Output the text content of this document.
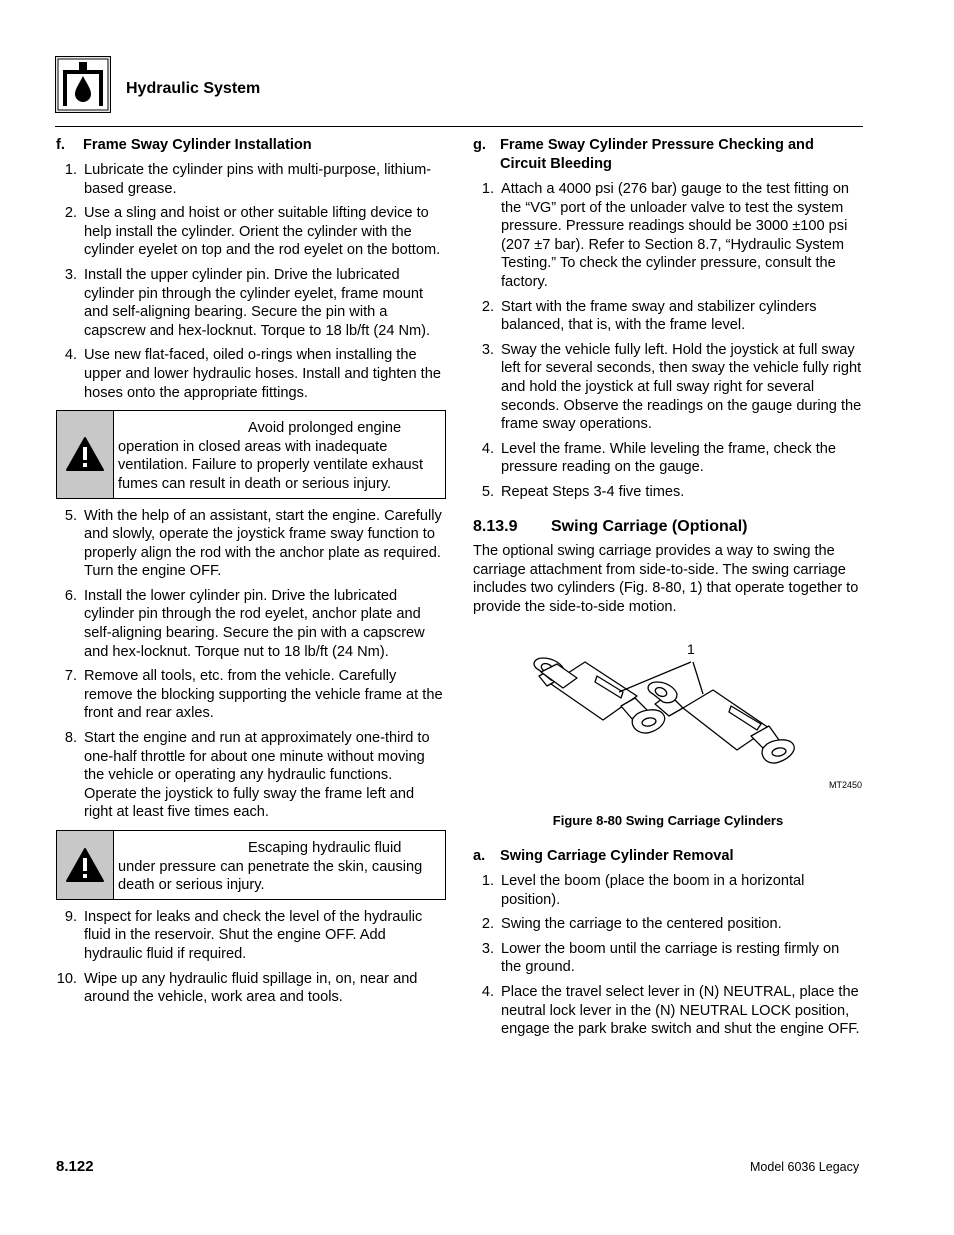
Hydraulic System
f.	Frame Sway Cylinder Installation
1. Lubricate the cylinder pins with multi-purpose, lithium-based grease.
2. Use a sling and hoist or other suitable lifting device to help install the cylinder. Orient the cylinder with the cylinder eyelet on top and the rod eyelet on the bottom.
3. Install the upper cylinder pin. Drive the lubricated cylinder pin through the cylinder eyelet, frame mount and self-aligning bearing. Secure the pin with a capscrew and hex-locknut. Torque to 18 lb/ft (24 Nm).
4. Use new flat-faced, oiled o-rings when installing the upper and lower hydraulic hoses. Install and tighten the hoses onto the appropriate fittings.
Avoid prolonged engine
operation in closed areas with inadequate ventilation. Failure to properly ventilate exhaust fumes can result in death or serious injury.
5. With the help of an assistant, start the engine. Carefully and slowly, operate the joystick frame sway function to properly align the rod with the anchor plate as required. Turn the engine OFF.
6. Install the lower cylinder pin. Drive the lubricated cylinder pin through the rod eyelet, anchor plate and self-aligning bearing. Secure the pin with a capscrew and hex-locknut. Torque nut to 18 lb/ft (24 Nm).
7. Remove all tools, etc. from the vehicle. Carefully remove the blocking supporting the vehicle frame at the front and rear axles.
8. Start the engine and run at approximately one-third to one-half throttle for about one minute without moving the vehicle or operating any hydraulic functions. Operate the joystick to fully sway the frame left and right at least five times each.
Escaping hydraulic fluid
under pressure can penetrate the skin, causing death or serious injury.
9. Inspect for leaks and check the level of the hydraulic fluid in the reservoir. Shut the engine OFF. Add hydraulic fluid if required.
10. Wipe up any hydraulic fluid spillage in, on, near and around the vehicle, work area and tools.
g. Frame Sway Cylinder Pressure Checking and Circuit Bleeding
1. Attach a 4000 psi (276 bar) gauge to the test fitting on the “VG” port of the unloader valve to test the system pressure. Pressure readings should be 3000 ±100 psi (207 ±7 bar). Refer to Section 8.7, “Hydraulic System Testing.” To check the cylinder pressure, consult the factory.
2. Start with the frame sway and stabilizer cylinders balanced, that is, with the frame level.
3. Sway the vehicle fully left. Hold the joystick at full sway left for several seconds, then sway the vehicle fully right and hold the joystick at full sway right for several seconds. Observe the readings on the gauge during the frame sway operations.
4. Level the frame. While leveling the frame, check the pressure reading on the gauge.
5. Repeat Steps 3-4 five times.
8.13.9	Swing Carriage (Optional)
The optional swing carriage provides a way to swing the carriage attachment from side-to-side. The swing carriage includes two cylinders (Fig. 8-80, 1) that operate together to provide the side-to-side motion.
1
MT2450
Figure 8-80 Swing Carriage Cylinders
a.	Swing Carriage Cylinder Removal
1. Level the boom (place the boom in a horizontal position).
2. Swing the carriage to the centered position.
3. Lower the boom until the carriage is resting firmly on the ground.
4. Place the travel select lever in (N) NEUTRAL, place the neutral lock lever in the (N) NEUTRAL LOCK position, engage the park brake switch and shut the engine OFF.
8.122	Model 6036 Legacy
